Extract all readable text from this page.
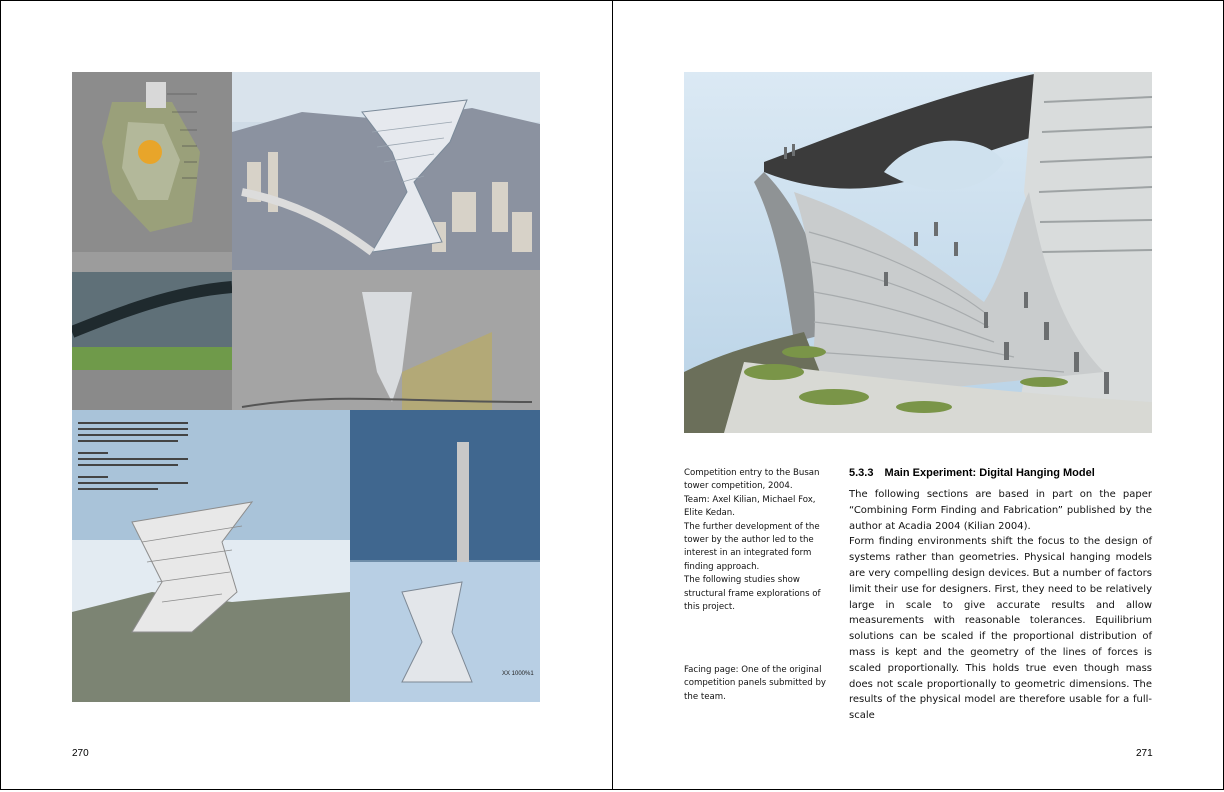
XX 1000%1
270

Competition entry to the Busan tower competition, 2004.

Team: Axel Kilian, Michael Fox, Elite Kedan.

The further development of the tower by the author led to the interest in an integrated form finding approach.

The following studies show structural frame explorations of this project.

Facing page: One of the original competition panels submitted by the team.
5.3.3 Main Experiment: Digital Hanging Model

The following sections are based in part on the paper “Combining Form Finding and Fabrication” published by the author at Acadia 2004 (Kilian 2004).

Form finding environments shift the focus to the design of systems rather than geometries. Physical hanging models are very compelling design devices. But a number of factors limit their use for designers. First, they need to be relatively large in scale to give accurate results and allow measurements with reasonable tolerances. Equilibrium solutions can be scaled if the proportional distribution of mass is kept and the geometry of the lines of forces is scaled proportionally. This holds true even though mass does not scale proportionally to geometric dimensions. The results of the physical model are therefore usable for a full-scale

271
